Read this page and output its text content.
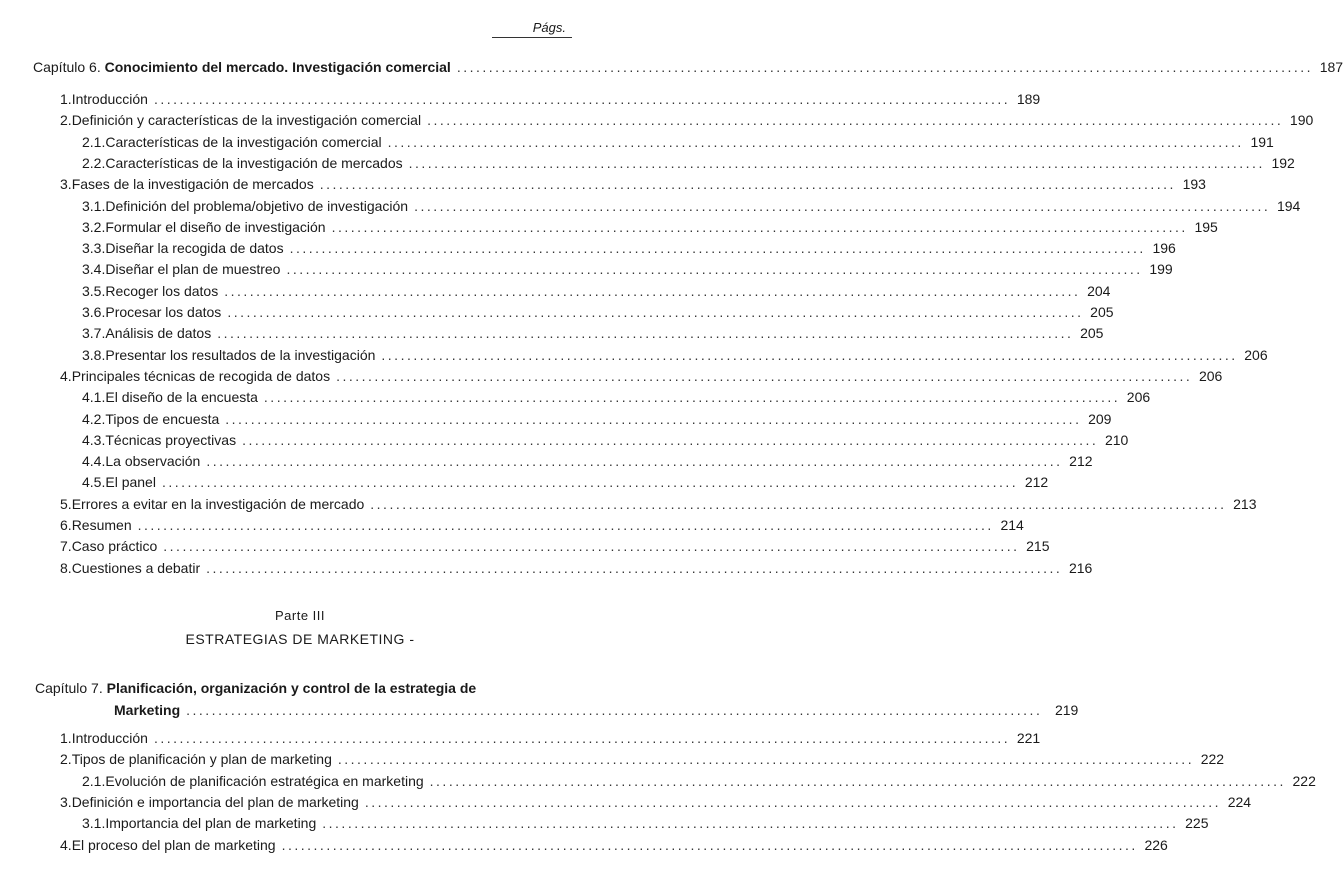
Págs.
Capítulo 6. Conocimiento del mercado. Investigación comercial ...................................................................................................................................... 187
1. Introducción ...................................................................................................................................... 189
2. Definición y características de la investigación comercial ...................................................................................................................................... 190
2.1. Características de la investigación comercial ...................................................................................................................................... 191
2.2. Características de la investigación de mercados ...................................................................................................................................... 192
3. Fases de la investigación de mercados ...................................................................................................................................... 193
3.1. Definición del problema/objetivo de investigación ...................................................................................................................................... 194
3.2. Formular el diseño de investigación ...................................................................................................................................... 195
3.3. Diseñar la recogida de datos ...................................................................................................................................... 196
3.4. Diseñar el plan de muestreo ...................................................................................................................................... 199
3.5. Recoger los datos ...................................................................................................................................... 204
3.6. Procesar los datos ...................................................................................................................................... 205
3.7. Análisis de datos ...................................................................................................................................... 205
3.8. Presentar los resultados de la investigación ...................................................................................................................................... 206
4. Principales técnicas de recogida de datos ...................................................................................................................................... 206
4.1. El diseño de la encuesta ...................................................................................................................................... 206
4.2. Tipos de encuesta ...................................................................................................................................... 209
4.3. Técnicas proyectivas ...................................................................................................................................... 210
4.4. La observación ...................................................................................................................................... 212
4.5. El panel ...................................................................................................................................... 212
5. Errores a evitar en la investigación de mercado ...................................................................................................................................... 213
6. Resumen ...................................................................................................................................... 214
7. Caso práctico ...................................................................................................................................... 215
8. Cuestiones a debatir ...................................................................................................................................... 216
Parte III
ESTRATEGIAS DE MARKETING -
Capítulo 7. Planificación, organización y control de la estrategia de
Marketing ...................................................................................................................................... 219
1. Introducción ...................................................................................................................................... 221
2. Tipos de planificación y plan de marketing ...................................................................................................................................... 222
2.1. Evolución de planificación estratégica en marketing ...................................................................................................................................... 222
3. Definición e importancia del plan de marketing ...................................................................................................................................... 224
3.1. Importancia del plan de marketing ...................................................................................................................................... 225
4. El proceso del plan de marketing ...................................................................................................................................... 226
